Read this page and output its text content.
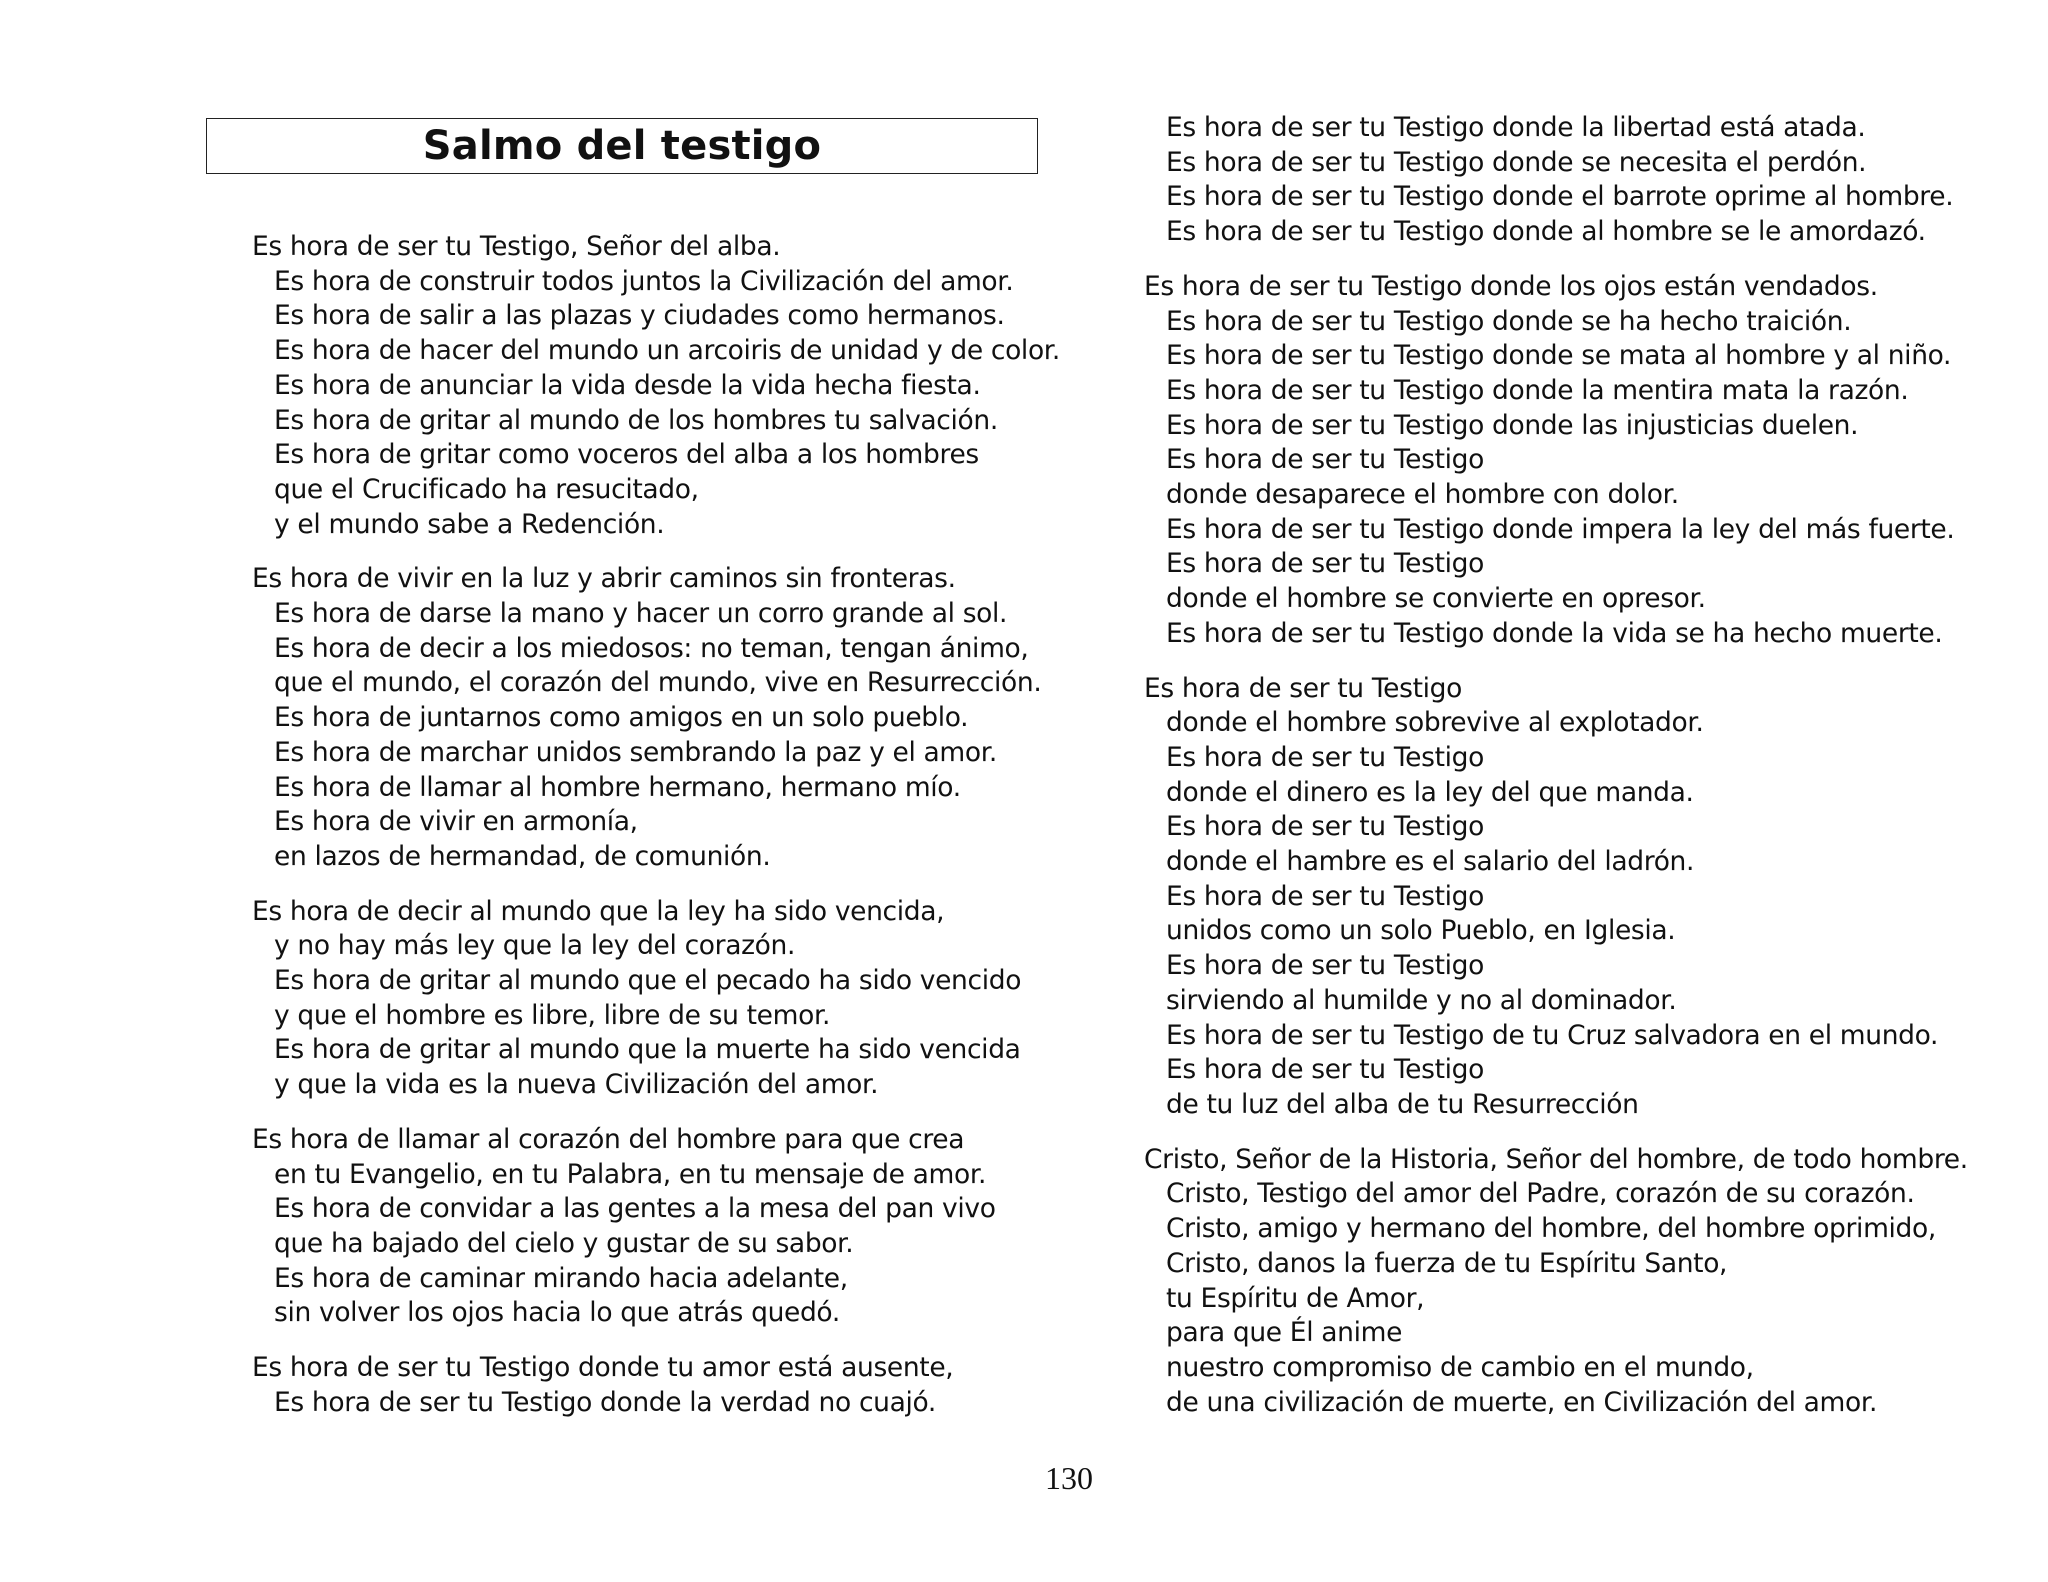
Salmo del testigo
Es hora de ser tu Testigo, Señor del alba.
Es hora de construir todos juntos la Civilización del amor.
Es hora de salir a las plazas y ciudades como hermanos.
Es hora de hacer del mundo un arcoiris de unidad y de color.
Es hora de anunciar la vida desde la vida hecha fiesta.
Es hora de gritar al mundo de los hombres tu salvación.
Es hora de gritar como voceros del alba a los hombres
que el Crucificado ha resucitado,
y el mundo sabe a Redención.
Es hora de vivir en la luz y abrir caminos sin fronteras.
Es hora de darse la mano y hacer un corro grande al sol.
Es hora de decir a los miedosos: no teman, tengan ánimo,
que el mundo, el corazón del mundo, vive en Resurrección.
Es hora de juntarnos como amigos en un solo pueblo.
Es hora de marchar unidos sembrando la paz y el amor.
Es hora de llamar al hombre hermano, hermano mío.
Es hora de vivir en armonía,
en lazos de hermandad, de comunión.
Es hora de decir al mundo que la ley ha sido vencida,
y no hay más ley que la ley del corazón.
Es hora de gritar al mundo que el pecado ha sido vencido
y que el hombre es libre, libre de su temor.
Es hora de gritar al mundo que la muerte ha sido vencida
y que la vida es la nueva Civilización del amor.
Es hora de llamar al corazón del hombre para que crea
en tu Evangelio, en tu Palabra, en tu mensaje de amor.
Es hora de convidar a las gentes a la mesa del pan vivo
que ha bajado del cielo y gustar de su sabor.
Es hora de caminar mirando hacia adelante,
sin volver los ojos hacia lo que atrás quedó.
Es hora de ser tu Testigo donde tu amor está ausente,
Es hora de ser tu Testigo donde la verdad no cuajó.
Es hora de ser tu Testigo donde la libertad está atada.
Es hora de ser tu Testigo donde se necesita el perdón.
Es hora de ser tu Testigo donde el barrote oprime al hombre.
Es hora de ser tu Testigo donde al hombre se le amordazó.
Es hora de ser tu Testigo donde los ojos están vendados.
Es hora de ser tu Testigo donde se ha hecho traición.
Es hora de ser tu Testigo donde se mata al hombre y al niño.
Es hora de ser tu Testigo donde la mentira mata la razón.
Es hora de ser tu Testigo donde las injusticias duelen.
Es hora de ser tu Testigo
donde desaparece el hombre con dolor.
Es hora de ser tu Testigo donde impera la ley del más fuerte.
Es hora de ser tu Testigo
donde el hombre se convierte en opresor.
Es hora de ser tu Testigo donde la vida se ha hecho muerte.
Es hora de ser tu Testigo
donde el hombre sobrevive al explotador.
Es hora de ser tu Testigo
donde el dinero es la ley del que manda.
Es hora de ser tu Testigo
donde el hambre es el salario del ladrón.
Es hora de ser tu Testigo
unidos como un solo Pueblo, en Iglesia.
Es hora de ser tu Testigo
sirviendo al humilde y no al dominador.
Es hora de ser tu Testigo de tu Cruz salvadora en el mundo.
Es hora de ser tu Testigo
de tu luz del alba de tu Resurrección
Cristo, Señor de la Historia, Señor del hombre, de todo hombre.
Cristo, Testigo del amor del Padre, corazón de su corazón.
Cristo, amigo y hermano del hombre, del hombre oprimido,
Cristo, danos la fuerza de tu Espíritu Santo,
tu Espíritu de Amor,
para que Él anime
nuestro compromiso de cambio en el mundo,
de una civilización de muerte, en Civilización del amor.
130
